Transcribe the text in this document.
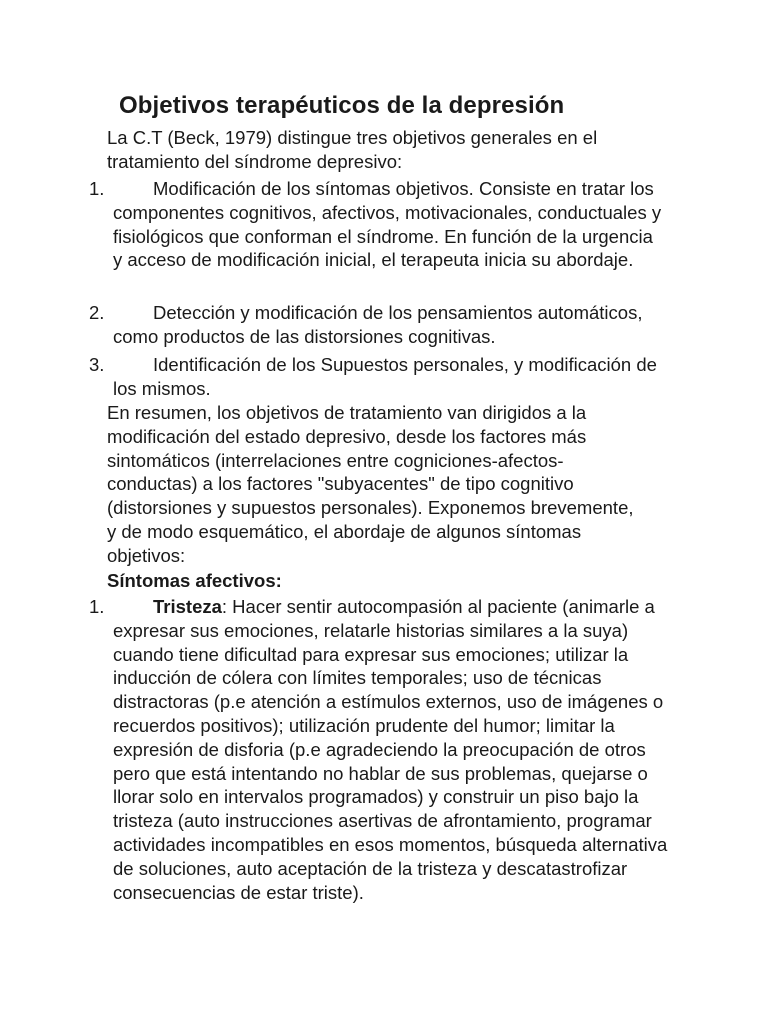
Objetivos terapéuticos de la depresión

La C.T (Beck, 1979) distingue tres objetivos generales en el tratamiento del síndrome depresivo:

1.	Modificación de los síntomas objetivos. Consiste en tratar los componentes cognitivos, afectivos, motivacionales, conductuales y fisiológicos que conforman el síndrome. En función de la urgencia y acceso de modificación inicial, el terapeuta inicia su abordaje.
2.	Detección y modificación de los pensamientos automáticos, como productos de las distorsiones cognitivas.
3.	Identificación de los Supuestos personales, y modificación de los mismos.

En resumen, los objetivos de tratamiento van dirigidos a la modificación del estado depresivo, desde los factores más sintomáticos (interrelaciones entre cogniciones-afectos-conductas) a los factores "subyacentes" de tipo cognitivo (distorsiones y supuestos personales). Exponemos brevemente, y de modo esquemático, el abordaje de algunos síntomas objetivos:

Síntomas afectivos:

1.	Tristeza: Hacer sentir autocompasión al paciente (animarle a expresar sus emociones, relatarle historias similares a la suya) cuando tiene dificultad para expresar sus emociones; utilizar la inducción de cólera con límites temporales; uso de técnicas distractoras (p.e atención a estímulos externos, uso de imágenes o recuerdos positivos); utilización prudente del humor; limitar la expresión de disforia (p.e agradeciendo la preocupación de otros pero que está intentando no hablar de sus problemas, quejarse o llorar solo en intervalos programados) y construir un piso bajo la tristeza (auto instrucciones asertivas de afrontamiento, programar actividades incompatibles en esos momentos, búsqueda alternativa de soluciones, auto aceptación de la tristeza y descatastrofizar consecuencias de estar triste).
